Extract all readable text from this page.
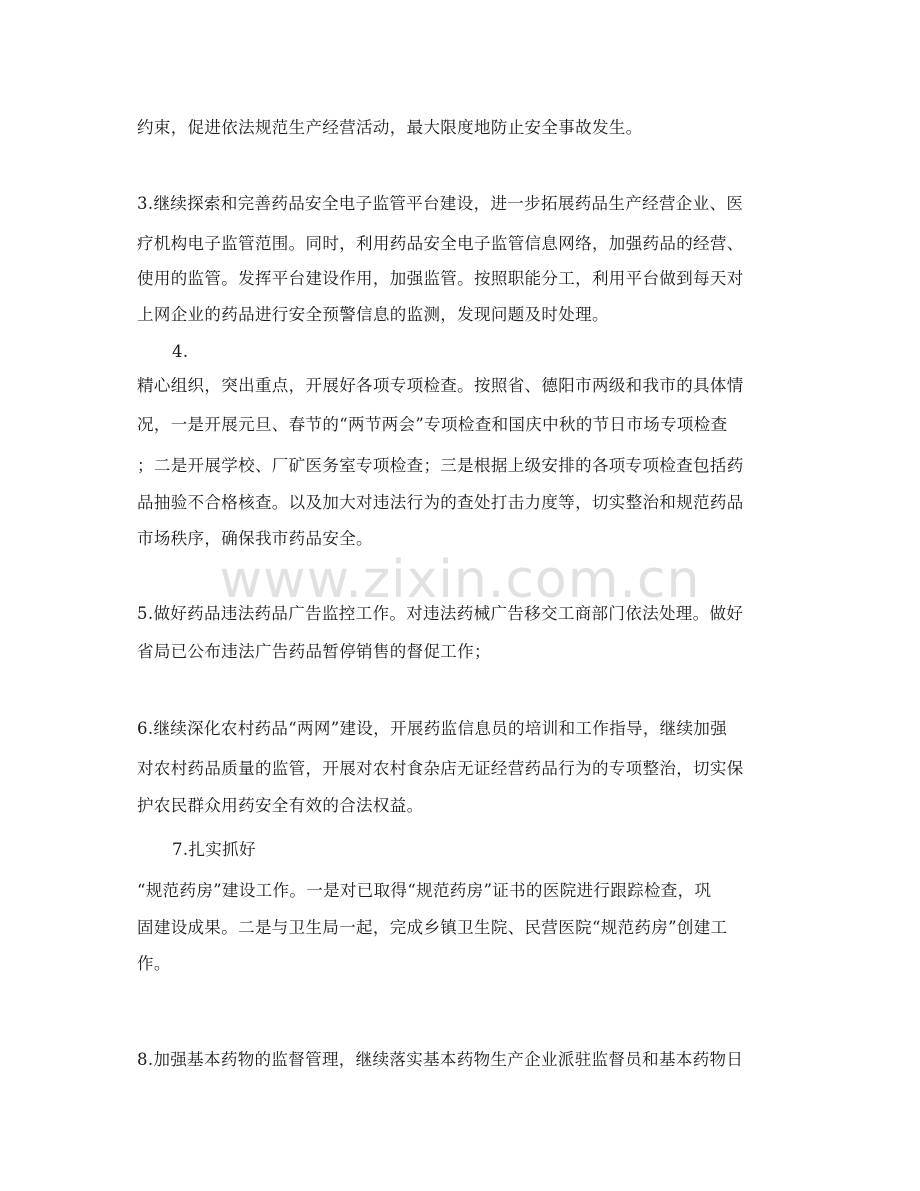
约束，促进依法规范生产经营活动，最大限度地防止安全事故发生。
3.继续探索和完善药品安全电子监管平台建设，进一步拓展药品生产经营企业、医
疗机构电子监管范围。同时，利用药品安全电子监管信息网络，加强药品的经营、
使用的监管。发挥平台建设作用，加强监管。按照职能分工，利用平台做到每天对
上网企业的药品进行安全预警信息的监测，发现问题及时处理。
4.
精心组织，突出重点，开展好各项专项检查。按照省、德阳市两级和我市的具体情
况，一是开展元旦、春节的“两节两会”专项检查和国庆中秋的节日市场专项检查
；二是开展学校、厂矿医务室专项检查；三是根据上级安排的各项专项检查包括药
品抽验不合格核查。以及加大对违法行为的查处打击力度等，切实整治和规范药品
市场秩序，确保我市药品安全。
5.做好药品违法药品广告监控工作。对违法药械广告移交工商部门依法处理。做好
省局已公布违法广告药品暂停销售的督促工作；
6.继续深化农村药品“两网”建设，开展药监信息员的培训和工作指导，继续加强
对农村药品质量的监管，开展对农村食杂店无证经营药品行为的专项整治，切实保
护农民群众用药安全有效的合法权益。
7.扎实抓好
“规范药房”建设工作。一是对已取得“规范药房”证书的医院进行跟踪检查，巩
固建设成果。二是与卫生局一起，完成乡镇卫生院、民营医院“规范药房”创建工
作。
8.加强基本药物的监督管理，继续落实基本药物生产企业派驻监督员和基本药物日
www.zixin.com.cn
